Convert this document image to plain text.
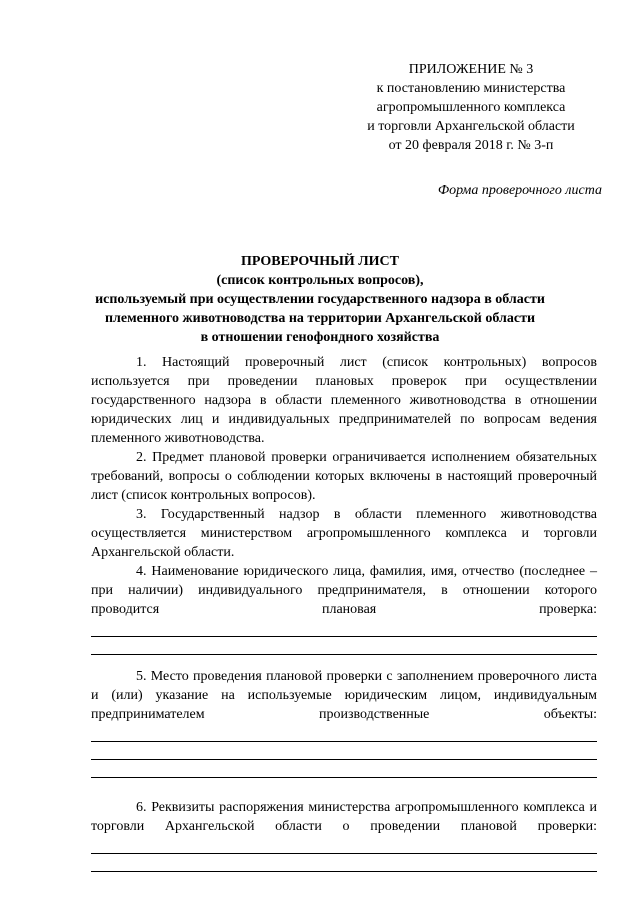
ПРИЛОЖЕНИЕ № 3
к постановлению министерства
агропромышленного комплекса
и торговли Архангельской области
от 20 февраля 2018 г. № 3-п
Форма проверочного листа
ПРОВЕРОЧНЫЙ ЛИСТ
(список контрольных вопросов),
используемый при осуществлении государственного надзора в области
племенного животноводства на территории Архангельской области
в отношении генофондного хозяйства
1. Настоящий проверочный лист (список контрольных) вопросов используется при проведении плановых проверок при осуществлении государственного надзора в области племенного животноводства в отношении юридических лиц и индивидуальных предпринимателей по вопросам ведения племенного животноводства.
2. Предмет плановой проверки ограничивается исполнением обязательных требований, вопросы о соблюдении которых включены в настоящий проверочный лист (список контрольных вопросов).
3. Государственный надзор в области племенного животноводства осуществляется министерством агропромышленного комплекса и торговли Архангельской области.
4. Наименование юридического лица, фамилия, имя, отчество (последнее – при наличии) индивидуального предпринимателя, в отношении которого проводится плановая проверка:
5. Место проведения плановой проверки с заполнением проверочного листа и (или) указание на используемые юридическим лицом, индивидуальным предпринимателем производственные объекты:
6. Реквизиты распоряжения министерства агропромышленного комплекса и торговли Архангельской области о проведении плановой проверки:
